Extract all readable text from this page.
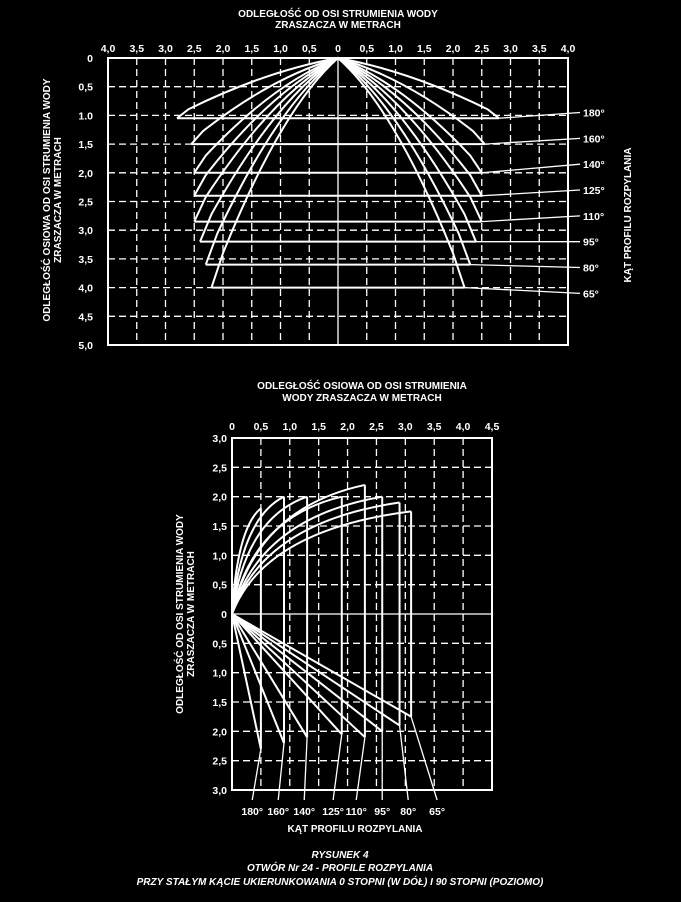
4,0 3,5 3,0 2,5 2,0 1,5 1,0 0,5 0 0,5 1,0 1,5 2,0 2,5 3,0 3,5 4,0
0
0,5
1.0
1,5
2,0
2,5
3,0
3,5
4,0
4,5
5,0
ODLEGŁOŚĆ OD OSI STRUMIENIA WODY
ZRASZACZA W METRACH
ODLEGŁOŚĆ OSIOWA OD OSI STRUMIENIA WODY ZRASZACZA W METRACH	KĄT PROFILU ROZPYLANIA
180°
160°
140°
125°
110°
95°
80°
65°
0 0,5 1,0 1,5 2,0 2,5 3,0 3,5 4,0 4,5
3,0
2,5
2,0
1,5
1,0
0,5
0
0,5
1,0
1,5
2,0
2,5
3,0
ODLEGŁOŚĆ OSIOWA OD OSI STRUMIENIA
WODY ZRASZACZA W METRACH
ODLEGŁOŚĆ OD OSI STRUMIENIA WODY ZRASZACZA W METRACH
KĄT PROFILU ROZPYLANIA
180° 160° 140° 125° 110° 95° 80° 65°
RYSUNEK 4
OTWÓR Nr 24 - PROFILE ROZPYLANIA
PRZY STAŁYM KĄCIE UKIERUNKOWANIA 0 STOPNI (W DÓŁ) I 90 STOPNI (POZIOMO)
